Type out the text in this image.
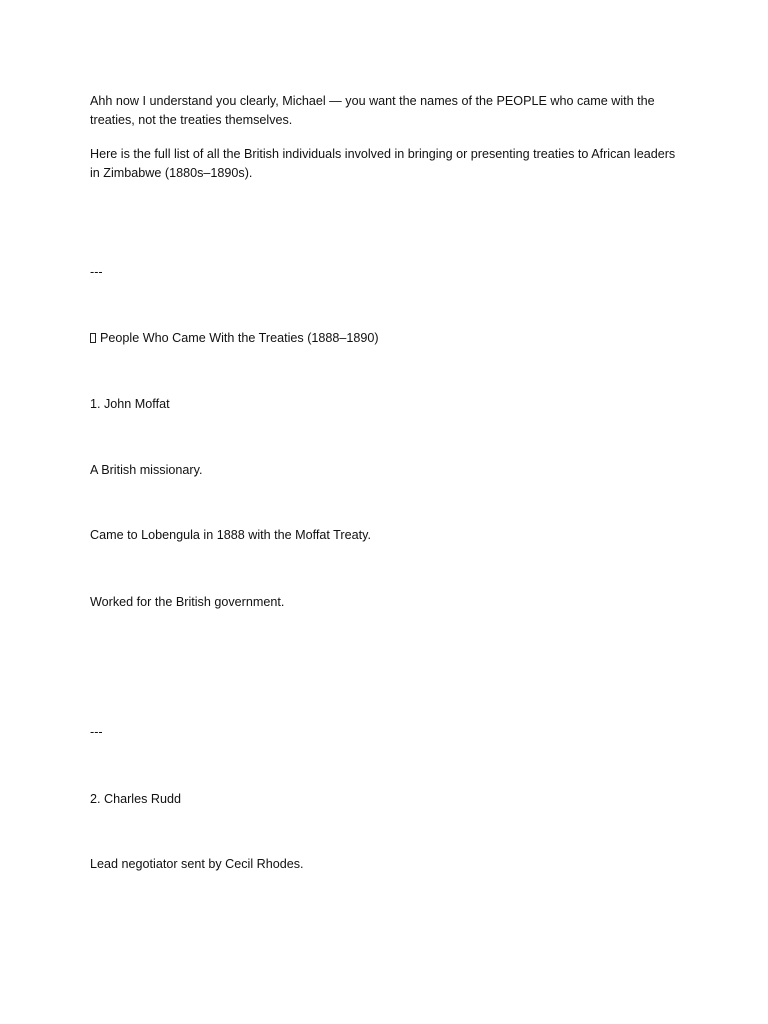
Ahh now I understand you clearly, Michael — you want the names of the PEOPLE who came with the treaties, not the treaties themselves.

Here is the full list of all the British individuals involved in bringing or presenting treaties to African leaders in Zimbabwe (1880s–1890s).

---

People Who Came With the Treaties (1888–1890)

1. John Moffat

A British missionary.

Came to Lobengula in 1888 with the Moffat Treaty.

Worked for the British government.

---

2. Charles Rudd

Lead negotiator sent by Cecil Rhodes.
